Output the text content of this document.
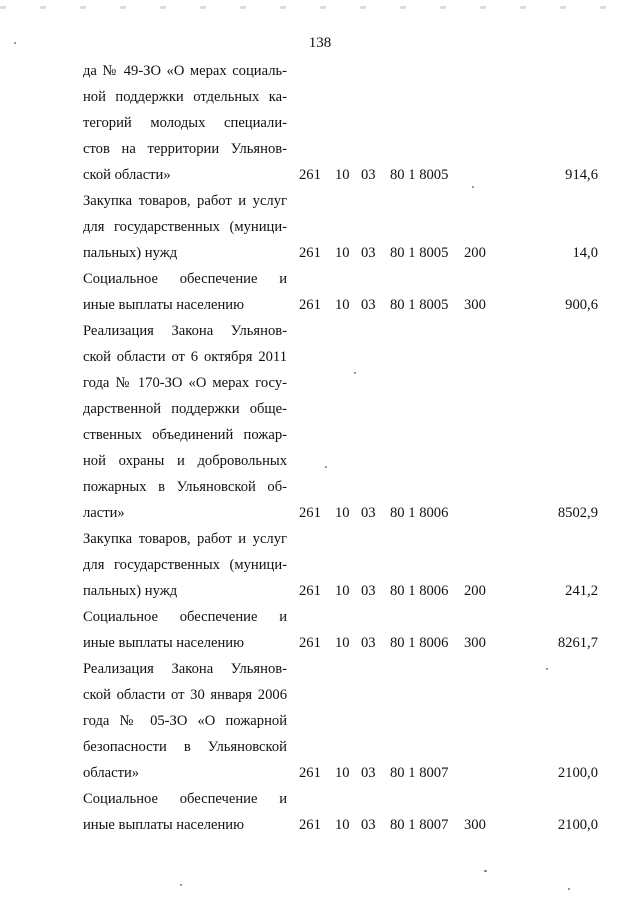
138
да № 49-ЗО «О мерах социаль-
ной поддержки отдельных ка-
тегорий молодых специали-
стов на территории Ульянов-
ской области»	261 10 03 80 1 8005	914,6
Закупка товаров, работ и услуг
для государственных (муници-
пальных) нужд	261 10 03 80 1 8005 200	14,0
Социальное обеспечение и
иные выплаты населению	261 10 03 80 1 8005 300	900,6
Реализация Закона Ульянов-
ской области от 6 октября 2011
года № 170-ЗО «О мерах госу-
дарственной поддержки обще-
ственных объединений пожар-
ной охраны и добровольных
пожарных в Ульяновской об-
ласти»	261 10 03 80 1 8006	8502,9
Закупка товаров, работ и услуг
для государственных (муници-
пальных) нужд	261 10 03 80 1 8006 200	241,2
Социальное обеспечение и
иные выплаты населению	261 10 03 80 1 8006 300	8261,7
Реализация Закона Ульянов-
ской области от 30 января 2006
года № 05-ЗО «О пожарной
безопасности в Ульяновской
области»	261 10 03 80 1 8007	2100,0
Социальное обеспечение и
иные выплаты населению	261 10 03 80 1 8007 300	2100,0
